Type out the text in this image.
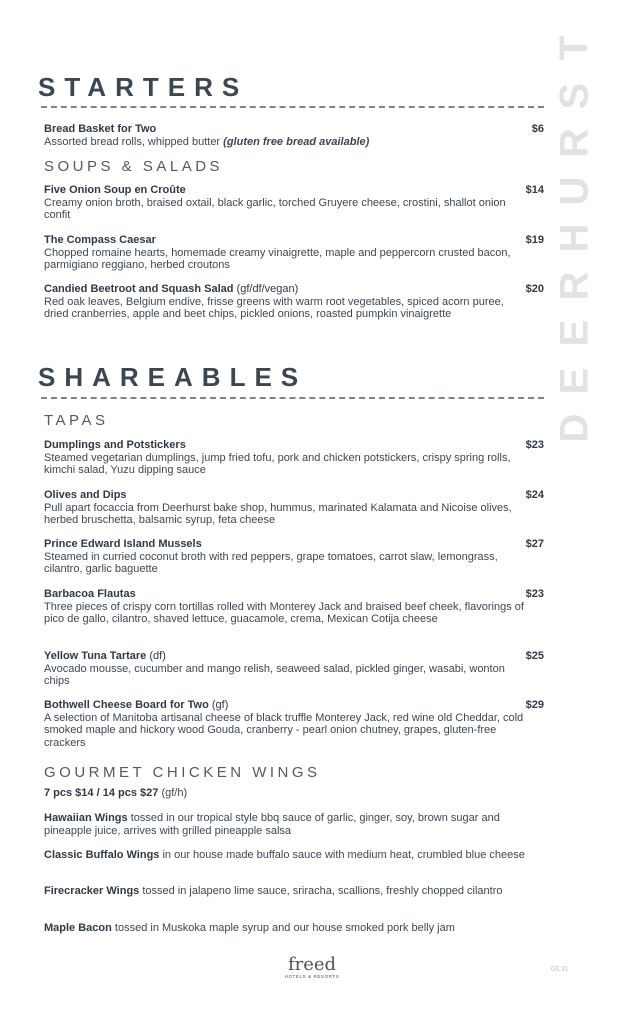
T
S
R
U
H
R
E
E
D
STARTERS
Bread Basket for Two	$6
Assorted bread rolls, whipped butter (gluten free bread available)
SOUPS & SALADS
Five Onion Soup en Croûte	$14
Creamy onion broth, braised oxtail, black garlic, torched Gruyere cheese, crostini, shallot onion confit
The Compass Caesar	$19
Chopped romaine hearts, homemade creamy vinaigrette, maple and peppercorn crusted bacon, parmigiano reggiano, herbed croutons
Candied Beetroot and Squash Salad (gf/df/vegan)	$20
Red oak leaves, Belgium endive, frisse greens with warm root vegetables, spiced acorn puree, dried cranberries, apple and beet chips, pickled onions, roasted pumpkin vinaigrette
SHAREABLES
TAPAS
Dumplings and Potstickers	$23
Steamed vegetarian dumplings, jump fried tofu, pork and chicken potstickers, crispy spring rolls, kimchi salad, Yuzu dipping sauce
Olives and Dips	$24
Pull apart focaccia from Deerhurst bake shop, hummus, marinated Kalamata and Nicoise olives, herbed bruschetta, balsamic syrup, feta cheese
Prince Edward Island Mussels	$27
Steamed in curried coconut broth with red peppers, grape tomatoes, carrot slaw, lemongrass, cilantro, garlic baguette
Barbacoa Flautas	$23
Three pieces of crispy corn tortillas rolled with Monterey Jack and braised beef cheek, flavorings of pico de gallo, cilantro, shaved lettuce, guacamole, crema, Mexican Cotija cheese
Yellow Tuna Tartare (df)	$25
Avocado mousse, cucumber and mango relish, seaweed salad, pickled ginger, wasabi, wonton chips
Bothwell Cheese Board for Two (gf)	$29
A selection of Manitoba artisanal cheese of black truffle Monterey Jack, red wine old Cheddar, cold smoked maple and hickory wood Gouda, cranberry - pearl onion chutney, grapes, gluten-free crackers
GOURMET CHICKEN WINGS
7 pcs $14 / 14 pcs $27 (gf/h)
Hawaiian Wings tossed in our tropical style bbq sauce of garlic, ginger, soy, brown sugar and pineapple juice, arrives with grilled pineapple salsa
Classic Buffalo Wings in our house made buffalo sauce with medium heat, crumbled blue cheese
Firecracker Wings tossed in jalapeno lime sauce, sriracha, scallions, freshly chopped cilantro
Maple Bacon tossed in Muskoka maple syrup and our house smoked pork belly jam
freed
HOTELS & RESORTS
03.31
